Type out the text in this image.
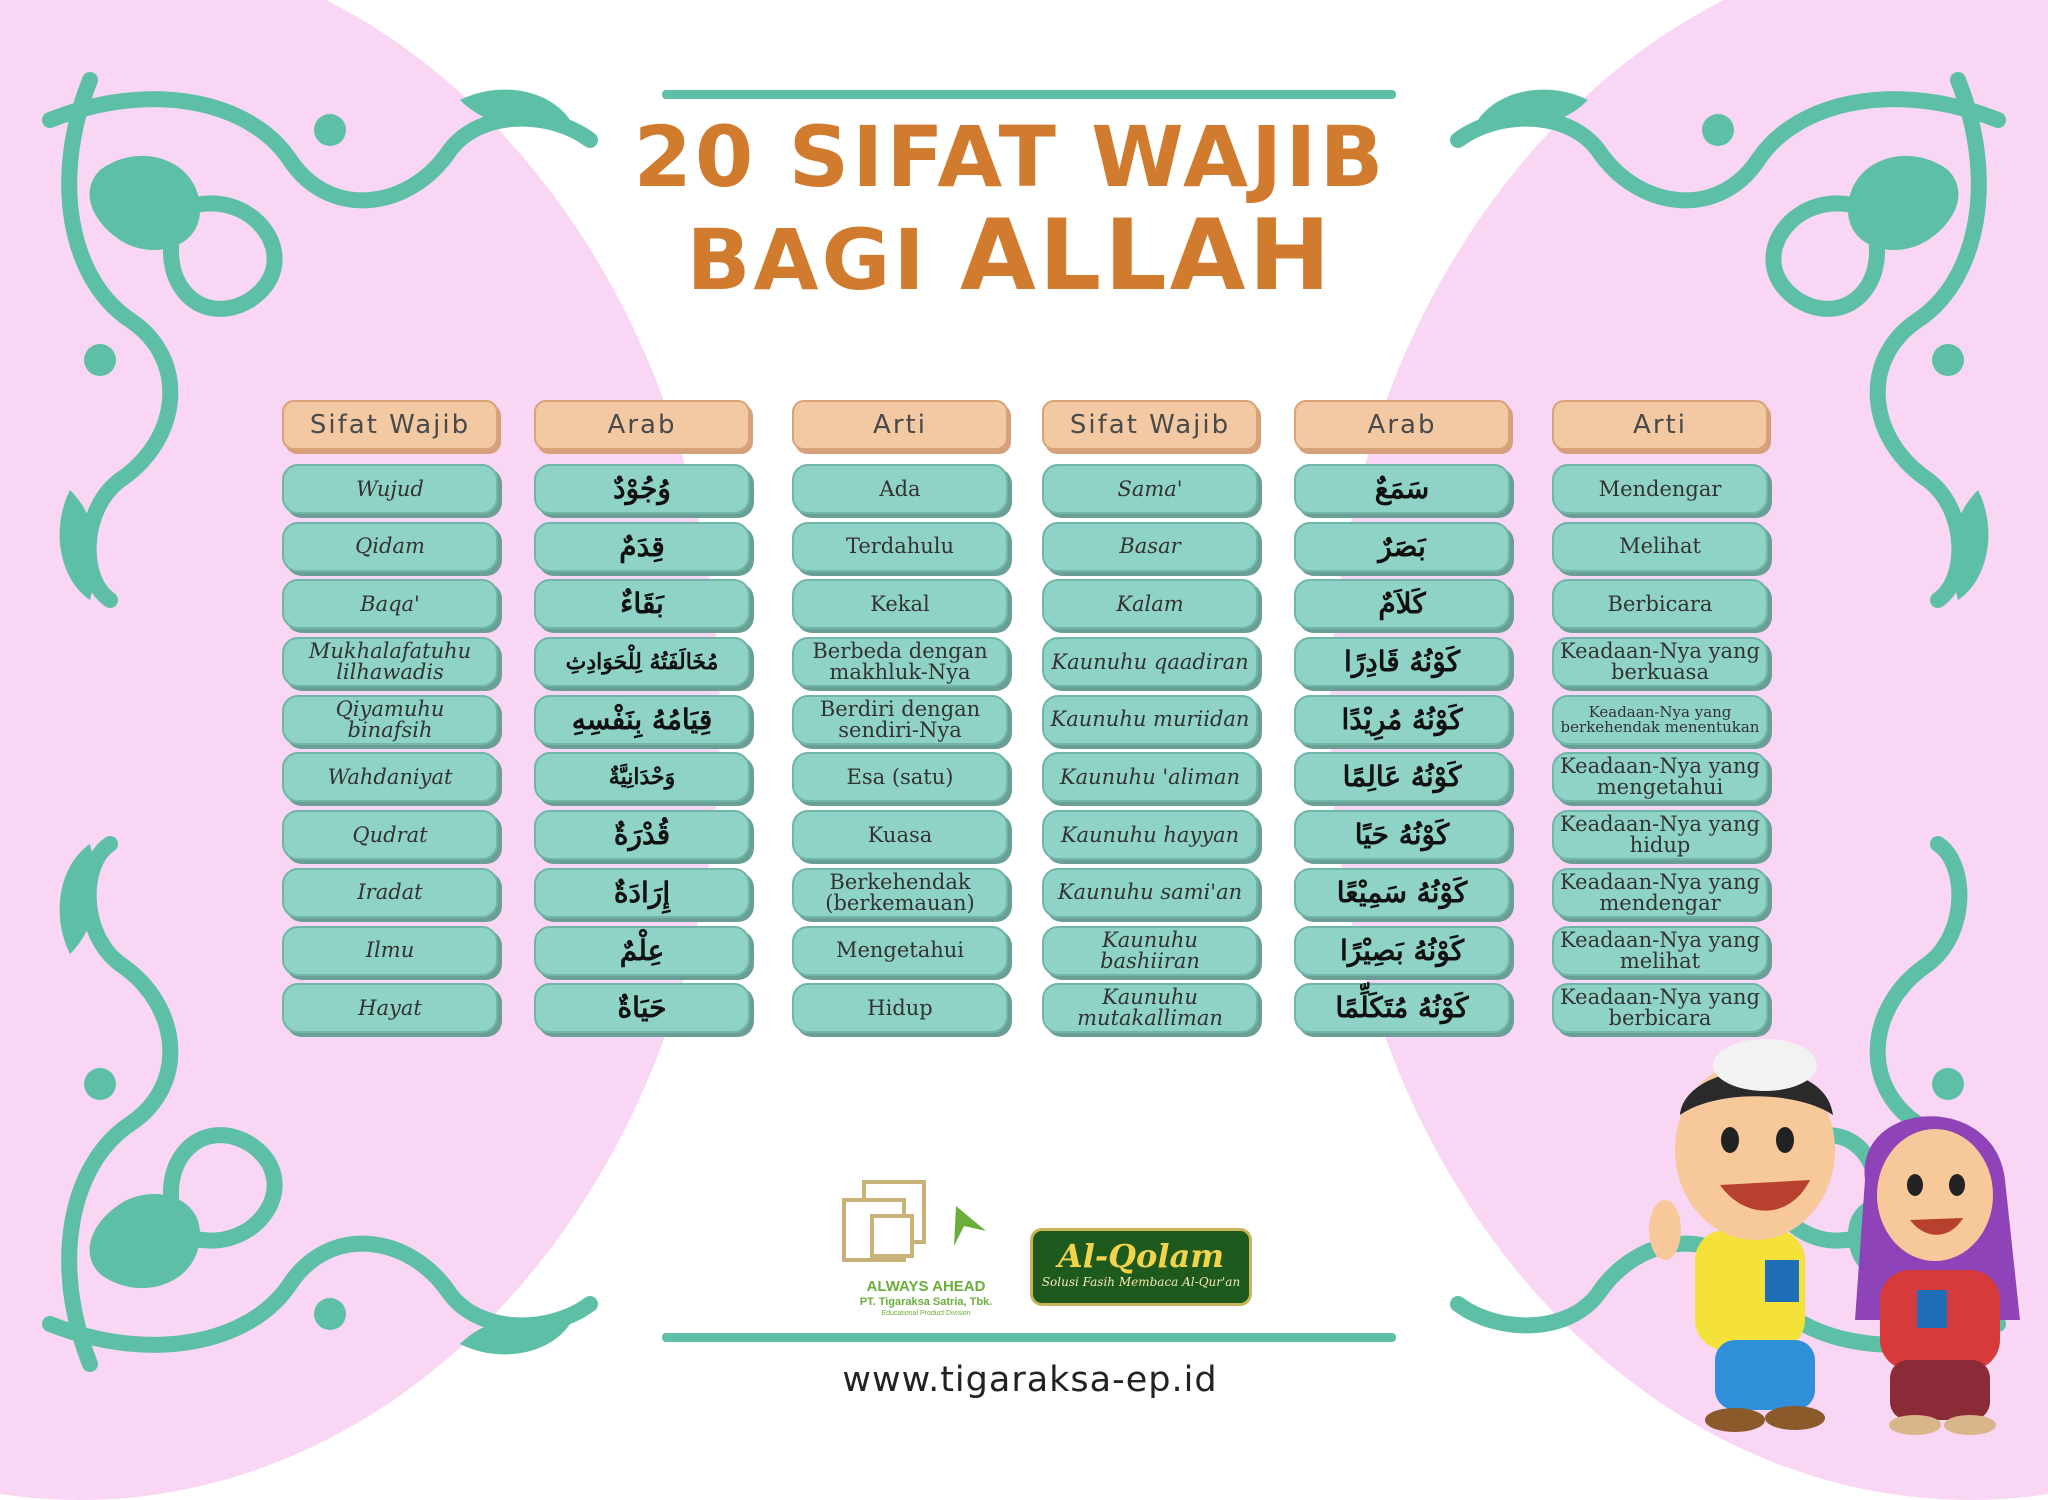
20 SIFAT WAJIB
BAGI ALLAH
Sifat Wajib
Wujud
Qidam
Baqa'
Mukhalafatuhu lilhawadis
Qiyamuhu binafsih
Wahdaniyat
Qudrat
Iradat
Ilmu
Hayat
Arab
وُجُوْدٌ
قِدَمٌ
بَقَاءٌ
مُخَالَفَتُهُ لِلْحَوَادِثِ
قِيَامُهُ بِنَفْسِهِ
وَحْدَانِيَّةٌ
قُدْرَةٌ
إِرَادَةٌ
عِلْمٌ
حَيَاةٌ
Arti
Ada
Terdahulu
Kekal
Berbeda dengan makhluk-Nya
Berdiri dengan sendiri-Nya
Esa (satu)
Kuasa
Berkehendak (berkemauan)
Mengetahui
Hidup
Sifat Wajib
Sama'
Basar
Kalam
Kaunuhu qaadiran
Kaunuhu muriidan
Kaunuhu 'aliman
Kaunuhu hayyan
Kaunuhu sami'an
Kaunuhu bashiiran
Kaunuhu mutakalliman
Arab
سَمَعٌ
بَصَرٌ
كَلاَمٌ
كَوْنُهُ قَادِرًا
كَوْنُهُ مُرِيْدًا
كَوْنُهُ عَالِمًا
كَوْنُهُ حَيًا
كَوْنُهُ سَمِيْعًا
كَوْنُهُ بَصِيْرًا
كَوْنُهُ مُتَكَلِّمًا
Arti
Mendengar
Melihat
Berbicara
Keadaan-Nya yang berkuasa
Keadaan-Nya yang berkehendak menentukan
Keadaan-Nya yang mengetahui
Keadaan-Nya yang hidup
Keadaan-Nya yang mendengar
Keadaan-Nya yang melihat
Keadaan-Nya yang berbicara
ALWAYS AHEAD
PT. Tigaraksa Satria, Tbk.
Educational Product Division
Al-Qolam
Solusi Fasih Membaca Al-Qur'an
www.tigaraksa-ep.id
